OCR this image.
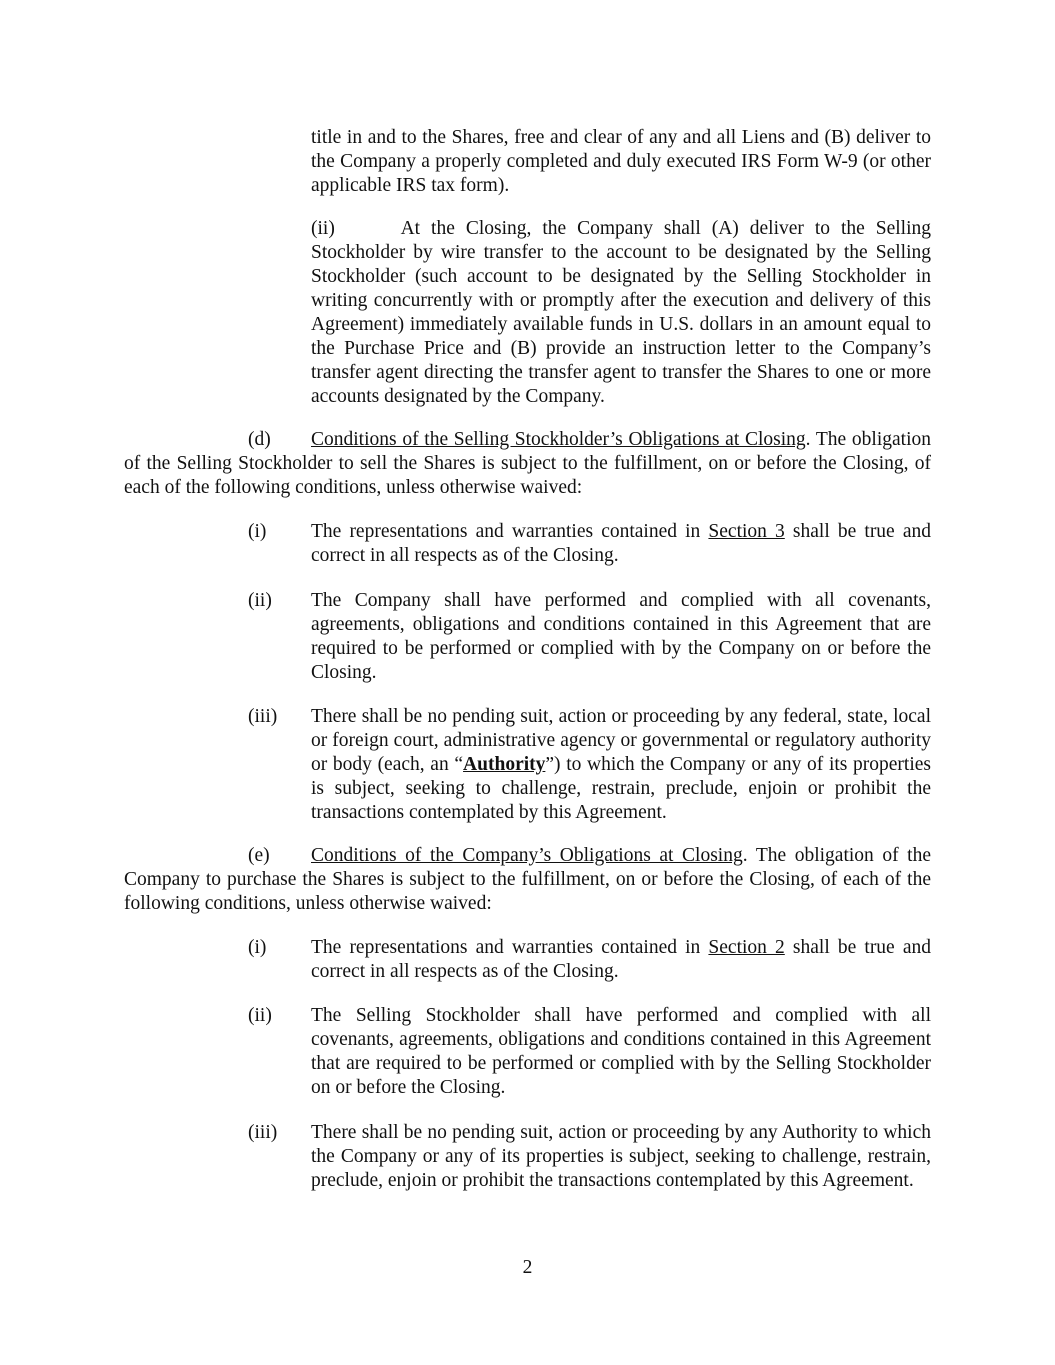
title in and to the Shares, free and clear of any and all Liens and (B) deliver to the Company a properly completed and duly executed IRS Form W-9 (or other applicable IRS tax form).

(ii)	At the Closing, the Company shall (A) deliver to the Selling Stockholder by wire transfer to the account to be designated by the Selling Stockholder (such account to be designated by the Selling Stockholder in writing concurrently with or promptly after the execution and delivery of this Agreement) immediately available funds in U.S. dollars in an amount equal to the Purchase Price and (B) provide an instruction letter to the Company’s transfer agent directing the transfer agent to transfer the Shares to one or more accounts designated by the Company.

(d) Conditions of the Selling Stockholder’s Obligations at Closing. The obligation of the Selling Stockholder to sell the Shares is subject to the fulfillment, on or before the Closing, of each of the following conditions, unless otherwise waived:

(i) The representations and warranties contained in Section 3 shall be true and correct in all respects as of the Closing.

(ii) The Company shall have performed and complied with all covenants, agreements, obligations and conditions contained in this Agreement that are required to be performed or complied with by the Company on or before the Closing.

(iii) There shall be no pending suit, action or proceeding by any federal, state, local or foreign court, administrative agency or governmental or regulatory authority or body (each, an “Authority”) to which the Company or any of its properties is subject, seeking to challenge, restrain, preclude, enjoin or prohibit the transactions contemplated by this Agreement.

(e) Conditions of the Company’s Obligations at Closing. The obligation of the Company to purchase the Shares is subject to the fulfillment, on or before the Closing, of each of the following conditions, unless otherwise waived:

(i) The representations and warranties contained in Section 2 shall be true and correct in all respects as of the Closing.

(ii) The Selling Stockholder shall have performed and complied with all covenants, agreements, obligations and conditions contained in this Agreement that are required to be performed or complied with by the Selling Stockholder on or before the Closing.

(iii) There shall be no pending suit, action or proceeding by any Authority to which the Company or any of its properties is subject, seeking to challenge, restrain, preclude, enjoin or prohibit the transactions contemplated by this Agreement.

2
